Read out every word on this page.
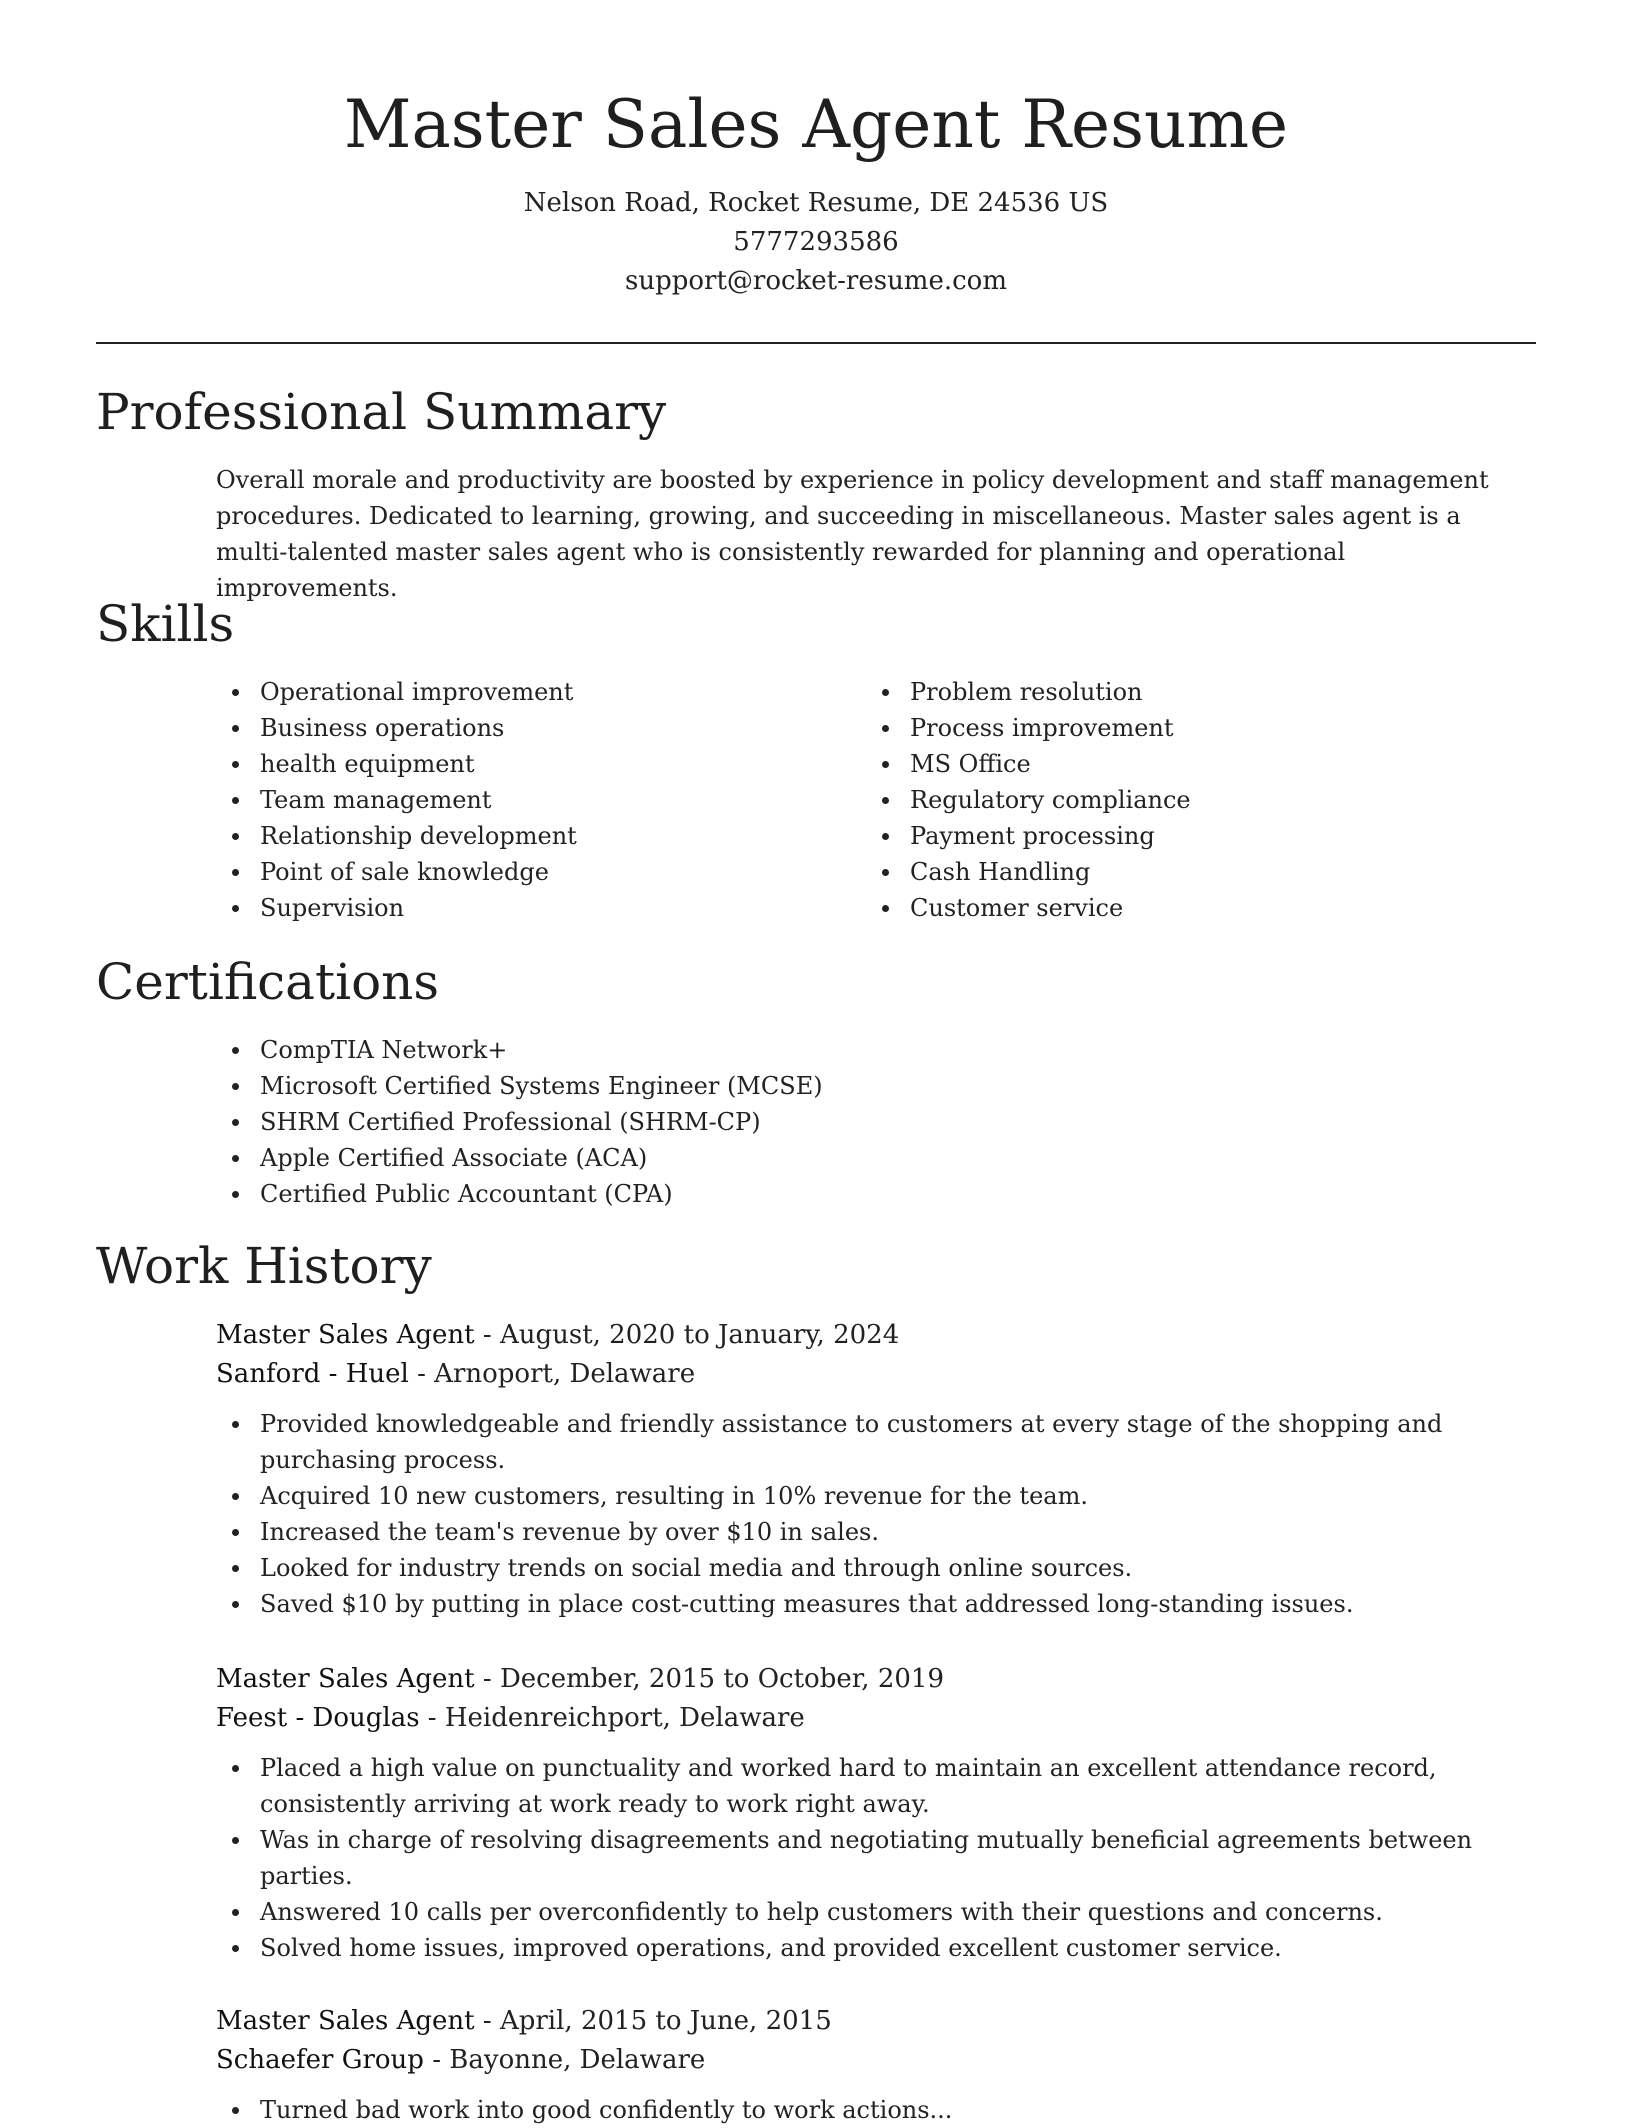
Master Sales Agent Resume

Nelson Road, Rocket Resume, DE 24536 US

5777293586

support@rocket-resume.com

Professional Summary

Overall morale and productivity are boosted by experience in policy development and staff management procedures. Dedicated to learning, growing, and succeeding in miscellaneous. Master sales agent is a multi-talented master sales agent who is consistently rewarded for planning and operational improvements.

Skills
Operational improvement
Business operations
health equipment
Team management
Relationship development
Point of sale knowledge
Supervision
Problem resolution
Process improvement
MS Office
Regulatory compliance
Payment processing
Cash Handling
Customer service
Certifications
CompTIA Network+
Microsoft Certified Systems Engineer (MCSE)
SHRM Certified Professional (SHRM-CP)
Apple Certified Associate (ACA)
Certified Public Accountant (CPA)
Work History

Master Sales Agent - August, 2020 to January, 2024

Sanford - Huel - Arnoport, Delaware

Provided knowledgeable and friendly assistance to customers at every stage of the shopping and purchasing process.
Acquired 10 new customers, resulting in 10% revenue for the team.
Increased the team's revenue by over $10 in sales.
Looked for industry trends on social media and through online sources.
Saved $10 by putting in place cost-cutting measures that addressed long-standing issues.

Master Sales Agent - December, 2015 to October, 2019

Feest - Douglas - Heidenreichport, Delaware

Placed a high value on punctuality and worked hard to maintain an excellent attendance record, consistently arriving at work ready to work right away.
Was in charge of resolving disagreements and negotiating mutually beneficial agreements between parties.
Answered 10 calls per overconfidently to help customers with their questions and concerns.
Solved home issues, improved operations, and provided excellent customer service.

Master Sales Agent - April, 2015 to June, 2015

Schaefer Group - Bayonne, Delaware

Turned bad work into good confidently to work actions...
